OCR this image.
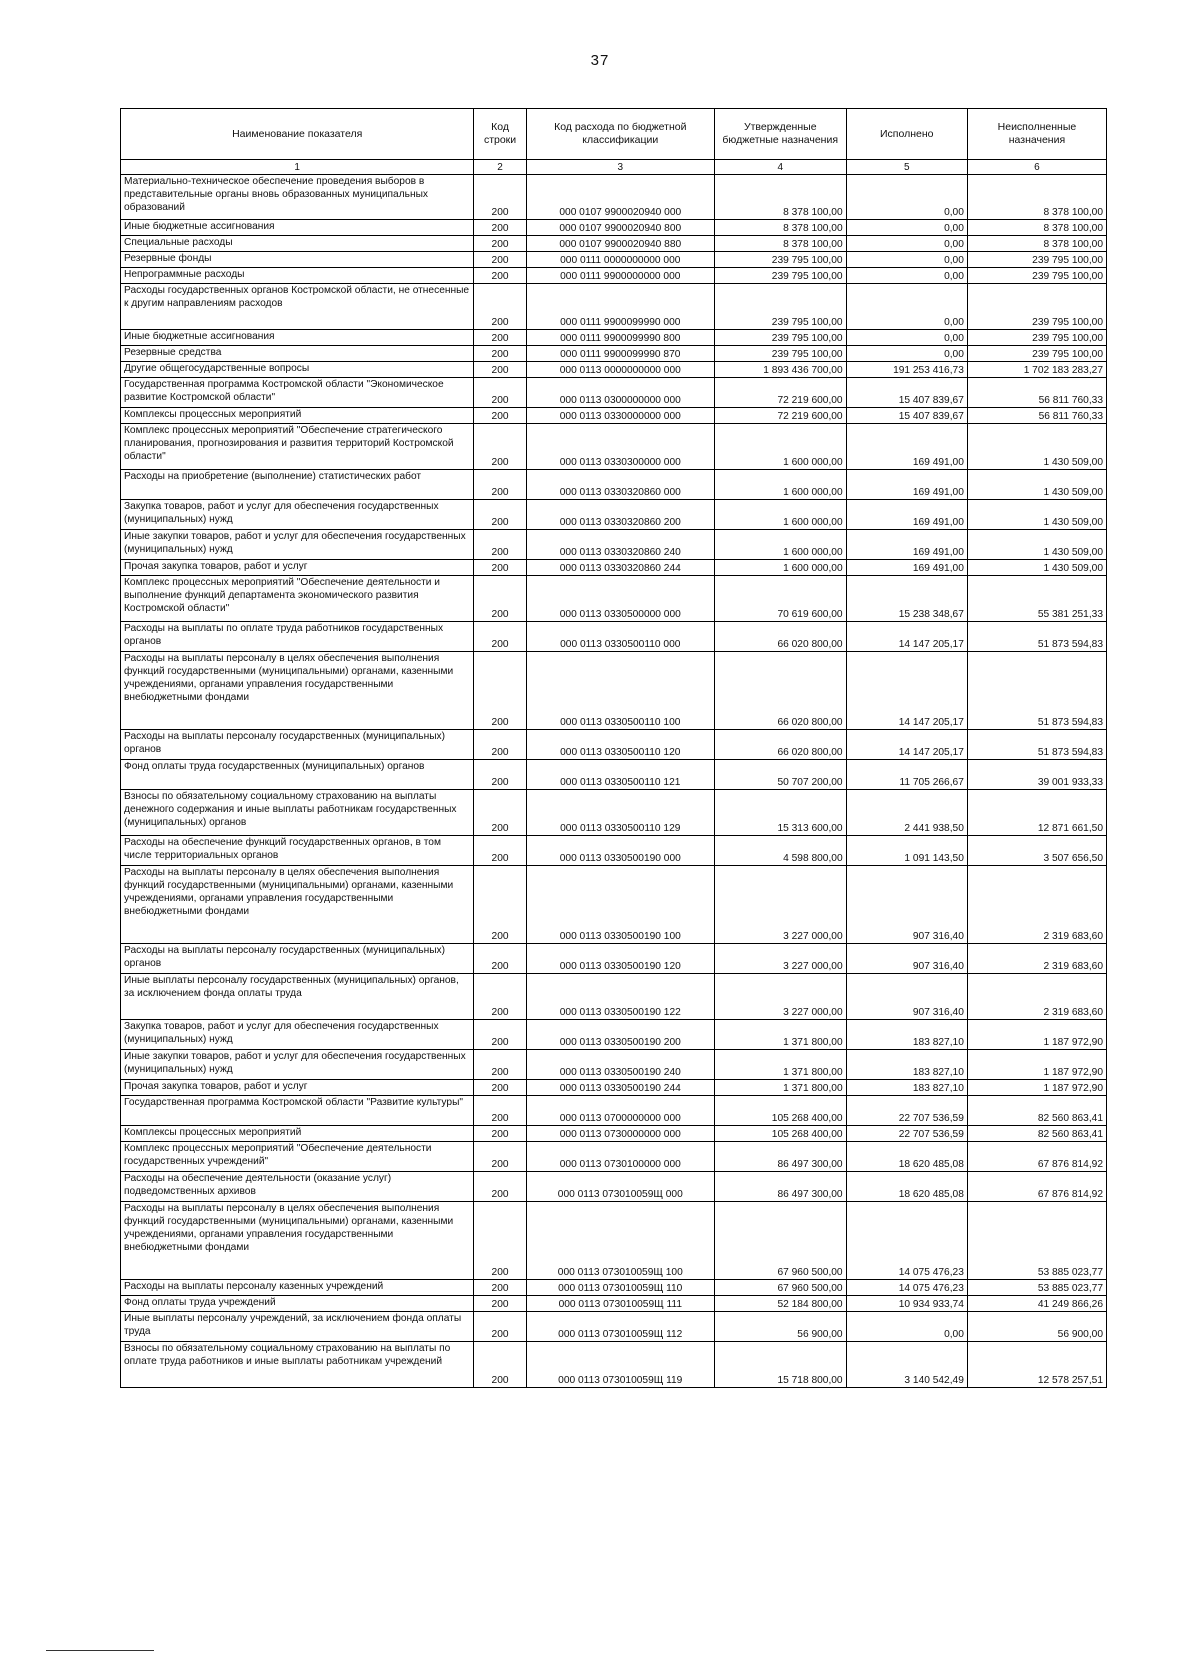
37
Наименование показателя	Код строки	Код расхода по бюджетной классификации	Утвержденные бюджетные назначения	Исполнено	Неисполненные назначения
1	2	3	4	5	6
Материально-техническое обеспечение проведения выборов в представительные органы вновь образованных муниципальных образований	200	000 0107 9900020940 000	8 378 100,00	0,00	8 378 100,00
Иные бюджетные ассигнования	200	000 0107 9900020940 800	8 378 100,00	0,00	8 378 100,00
Специальные расходы	200	000 0107 9900020940 880	8 378 100,00	0,00	8 378 100,00
Резервные фонды	200	000 0111 0000000000 000	239 795 100,00	0,00	239 795 100,00
Непрограммные расходы	200	000 0111 9900000000 000	239 795 100,00	0,00	239 795 100,00
Расходы государственных органов Костромской области, не отнесенные к другим направлениям расходов	200	000 0111 9900099990 000	239 795 100,00	0,00	239 795 100,00
Иные бюджетные ассигнования	200	000 0111 9900099990 800	239 795 100,00	0,00	239 795 100,00
Резервные средства	200	000 0111 9900099990 870	239 795 100,00	0,00	239 795 100,00
Другие общегосударственные вопросы	200	000 0113 0000000000 000	1 893 436 700,00	191 253 416,73	1 702 183 283,27
Государственная программа Костромской области "Экономическое развитие Костромской области"	200	000 0113 0300000000 000	72 219 600,00	15 407 839,67	56 811 760,33
Комплексы процессных мероприятий	200	000 0113 0330000000 000	72 219 600,00	15 407 839,67	56 811 760,33
Комплекс процессных мероприятий "Обеспечение стратегического планирования, прогнозирования и развития территорий Костромской области"	200	000 0113 0330300000 000	1 600 000,00	169 491,00	1 430 509,00
Расходы на приобретение (выполнение) статистических работ	200	000 0113 0330320860 000	1 600 000,00	169 491,00	1 430 509,00
Закупка товаров, работ и услуг для обеспечения государственных (муниципальных) нужд	200	000 0113 0330320860 200	1 600 000,00	169 491,00	1 430 509,00
Иные закупки товаров, работ и услуг для обеспечения государственных (муниципальных) нужд	200	000 0113 0330320860 240	1 600 000,00	169 491,00	1 430 509,00
Прочая закупка товаров, работ и услуг	200	000 0113 0330320860 244	1 600 000,00	169 491,00	1 430 509,00
Комплекс процессных мероприятий "Обеспечение деятельности и выполнение функций департамента экономического развития Костромской области"	200	000 0113 0330500000 000	70 619 600,00	15 238 348,67	55 381 251,33
Расходы на выплаты по оплате труда работников государственных органов	200	000 0113 0330500110 000	66 020 800,00	14 147 205,17	51 873 594,83
Расходы на выплаты персоналу в целях обеспечения выполнения функций государственными (муниципальными) органами, казенными учреждениями, органами управления государственными внебюджетными фондами	200	000 0113 0330500110 100	66 020 800,00	14 147 205,17	51 873 594,83
Расходы на выплаты персоналу государственных (муниципальных) органов	200	000 0113 0330500110 120	66 020 800,00	14 147 205,17	51 873 594,83
Фонд оплаты труда государственных (муниципальных) органов	200	000 0113 0330500110 121	50 707 200,00	11 705 266,67	39 001 933,33
Взносы по обязательному социальному страхованию на выплаты денежного содержания и иные выплаты работникам государственных (муниципальных) органов	200	000 0113 0330500110 129	15 313 600,00	2 441 938,50	12 871 661,50
Расходы на обеспечение функций государственных органов, в том числе территориальных органов	200	000 0113 0330500190 000	4 598 800,00	1 091 143,50	3 507 656,50
Расходы на выплаты персоналу в целях обеспечения выполнения функций государственными (муниципальными) органами, казенными учреждениями, органами управления государственными внебюджетными фондами	200	000 0113 0330500190 100	3 227 000,00	907 316,40	2 319 683,60
Расходы на выплаты персоналу государственных (муниципальных) органов	200	000 0113 0330500190 120	3 227 000,00	907 316,40	2 319 683,60
Иные выплаты персоналу государственных (муниципальных) органов, за исключением фонда оплаты труда	200	000 0113 0330500190 122	3 227 000,00	907 316,40	2 319 683,60
Закупка товаров, работ и услуг для обеспечения государственных (муниципальных) нужд	200	000 0113 0330500190 200	1 371 800,00	183 827,10	1 187 972,90
Иные закупки товаров, работ и услуг для обеспечения государственных (муниципальных) нужд	200	000 0113 0330500190 240	1 371 800,00	183 827,10	1 187 972,90
Прочая закупка товаров, работ и услуг	200	000 0113 0330500190 244	1 371 800,00	183 827,10	1 187 972,90
Государственная программа Костромской области "Развитие культуры"	200	000 0113 0700000000 000	105 268 400,00	22 707 536,59	82 560 863,41
Комплексы процессных мероприятий	200	000 0113 0730000000 000	105 268 400,00	22 707 536,59	82 560 863,41
Комплекс процессных мероприятий "Обеспечение деятельности государственных учреждений"	200	000 0113 0730100000 000	86 497 300,00	18 620 485,08	67 876 814,92
Расходы на обеспечение деятельности (оказание услуг) подведомственных архивов	200	000 0113 073010059Щ 000	86 497 300,00	18 620 485,08	67 876 814,92
Расходы на выплаты персоналу в целях обеспечения выполнения функций государственными (муниципальными) органами, казенными учреждениями, органами управления государственными внебюджетными фондами	200	000 0113 073010059Щ 100	67 960 500,00	14 075 476,23	53 885 023,77
Расходы на выплаты персоналу казенных учреждений	200	000 0113 073010059Щ 110	67 960 500,00	14 075 476,23	53 885 023,77
Фонд оплаты труда учреждений	200	000 0113 073010059Щ 111	52 184 800,00	10 934 933,74	41 249 866,26
Иные выплаты персоналу учреждений, за исключением фонда оплаты труда	200	000 0113 073010059Щ 112	56 900,00	0,00	56 900,00
Взносы по обязательному социальному страхованию на выплаты по оплате труда работников и иные выплаты работникам учреждений	200	000 0113 073010059Щ 119	15 718 800,00	3 140 542,49	12 578 257,51
